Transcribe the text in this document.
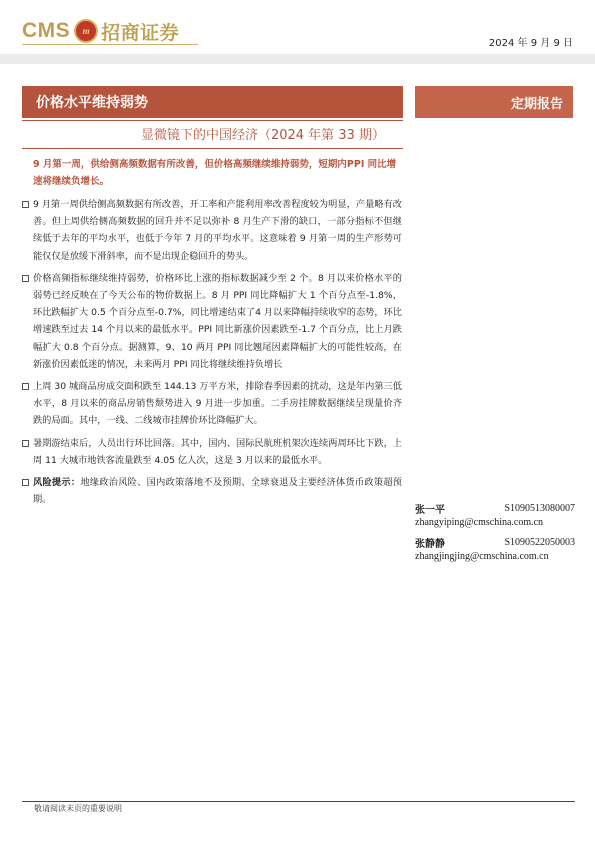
CMS	m 招商证券	2024 年 9 月 9 日
价格水平维持弱势	定期报告
显微镜下的中国经济（2024 年第 33 期）
9 月第一周，供给侧高频数据有所改善，但价格高频继续维持弱势，短期内PPI 同比增速将继续负增长。
9 月第一周供给侧高频数据有所改善，开工率和产能利用率改善程度较为明显，产量略有改善。但上周供给侧高频数据的回升并不足以弥补 8 月生产下滑的缺口，一部分指标不但继续低于去年的平均水平，也低于今年 7 月的平均水平。这意味着 9 月第一周的生产形势可能仅仅是放缓下滑斜率，而不是出现企稳回升的势头。
价格高频指标继续维持弱势，价格环比上涨的指标数据减少至 2 个。8 月以来价格水平的弱势已经反映在了今天公布的物价数据上。8 月 PPI 同比降幅扩大 1 个百分点至-1.8%，环比跌幅扩大 0.5 个百分点至-0.7%，同比增速结束了4 月以来降幅持续收窄的态势，环比增速跌至过去 14 个月以来的最低水平。PPI 同比新涨价因素跌至-1.7 个百分点，比上月跌幅扩大 0.8 个百分点。据测算，9、10 两月 PPI 同比翘尾因素降幅扩大的可能性较高，在新涨价因素低迷的情况，未来两月 PPI 同比将继续维持负增长
上周 30 城商品房成交面积跌至 144.13 万平方米，排除春季因素的扰动，这是年内第三低水平，8 月以来的商品房销售颓势进入 9 月进一步加重。二手房挂牌数据继续呈现量价齐跌的局面。其中，一线、二线城市挂牌价环比降幅扩大。
暑期游结束后，人员出行环比回落。其中，国内、国际民航班机架次连续两周环比下跌，上周 11 大城市地铁客流量跌至 4.05 亿人次，这是 3 月以来的最低水平。
风险提示：地缘政治风险、国内政策落地不及预期、全球衰退及主要经济体货币政策超预期。
张一平	S1090513080007
zhangyiping@cmschina.com.cn
张静静	S1090522050003
zhangjingjing@cmschina.com.cn
敬请阅读末页的重要说明
